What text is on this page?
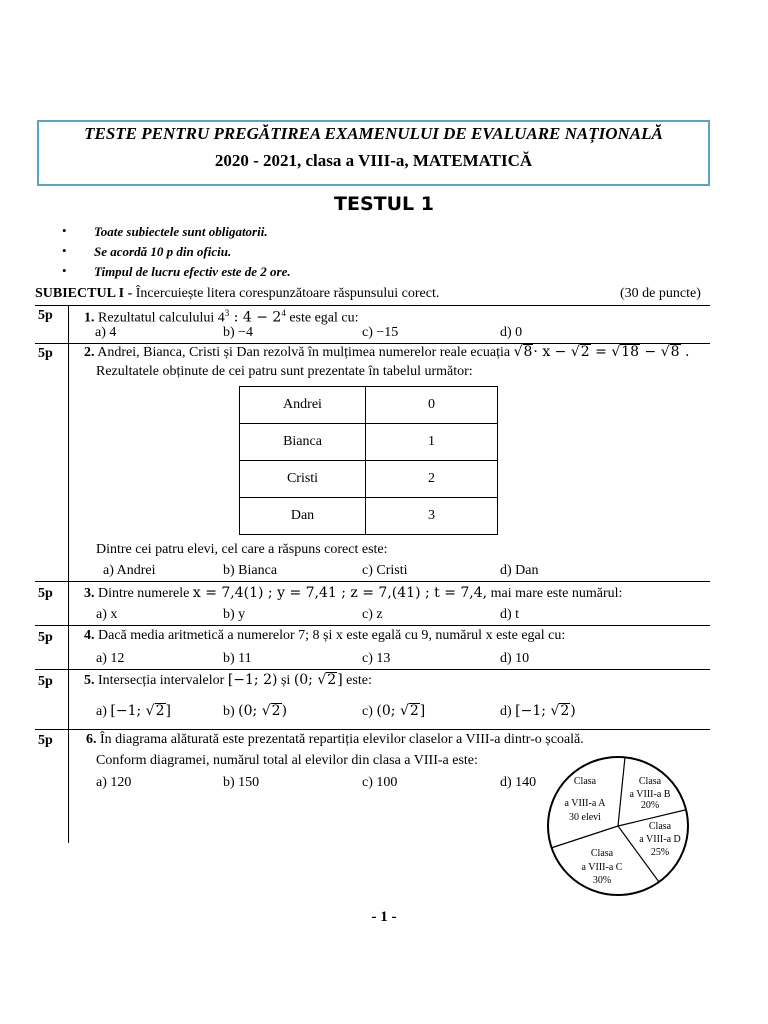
TESTE PENTRU PREGĂTIREA EXAMENULUI DE EVALUARE NAȚIONALĂ
2020 - 2021, clasa a VIII-a, MATEMATICĂ
TESTUL 1
• Toate subiectele sunt obligatorii.
• Se acordă 10 p din oficiu.
• Timpul de lucru efectiv este de 2 ore.
SUBIECTUL I - Încercuiește litera corespunzătoare răspunsului corect.	(30 de puncte)
5p 1. Rezultatul calculului $4^3$ : $4 - 2^4$ este egal cu:
a) 4	b) −4	c) −15	d) 0
5p 2. Andrei, Bianca, Cristi și Dan rezolvă în mulțimea numerelor reale ecuația √8· x − √2 = √18 − √8 .
Rezultatele obținute de cei patru sunt prezentate în tabelul următor:
Andrei	0
Bianca	1
Cristi	2
Dan	3
Dintre cei patru elevi, cel care a răspuns corect este:
a) Andrei	b) Bianca	c) Cristi	d) Dan
5p 3. Dintre numerele x = 7,4(1) ; y = 7,41 ; z = 7,(41) ; t = 7,4, mai mare este numărul:
a) x	b) y	c) z	d) t
5p 4. Dacă media aritmetică a numerelor 7; 8 și x este egală cu 9, numărul x este egal cu:
a) 12	b) 11	c) 13	d) 10
5p 5. Intersecția intervalelor [−1; 2) și (0; √2] este:
a) [−1; √2]	b) (0; √2)	c) (0; √2]	d) [−1; √2)
5p 6. În diagrama alăturată este prezentată repartiția elevilor claselor a VIII-a dintr-o școală.
Conform diagramei, numărul total al elevilor din clasa a VIII-a este:
a) 120	b) 150	c) 100	d) 140	Clasa
a VIII-a A
30 elevi
Clasa
a VIII-a B
20%
Clasa
a VIII-a D
25%
Clasa
a VIII-a C
30%
- 1 -
